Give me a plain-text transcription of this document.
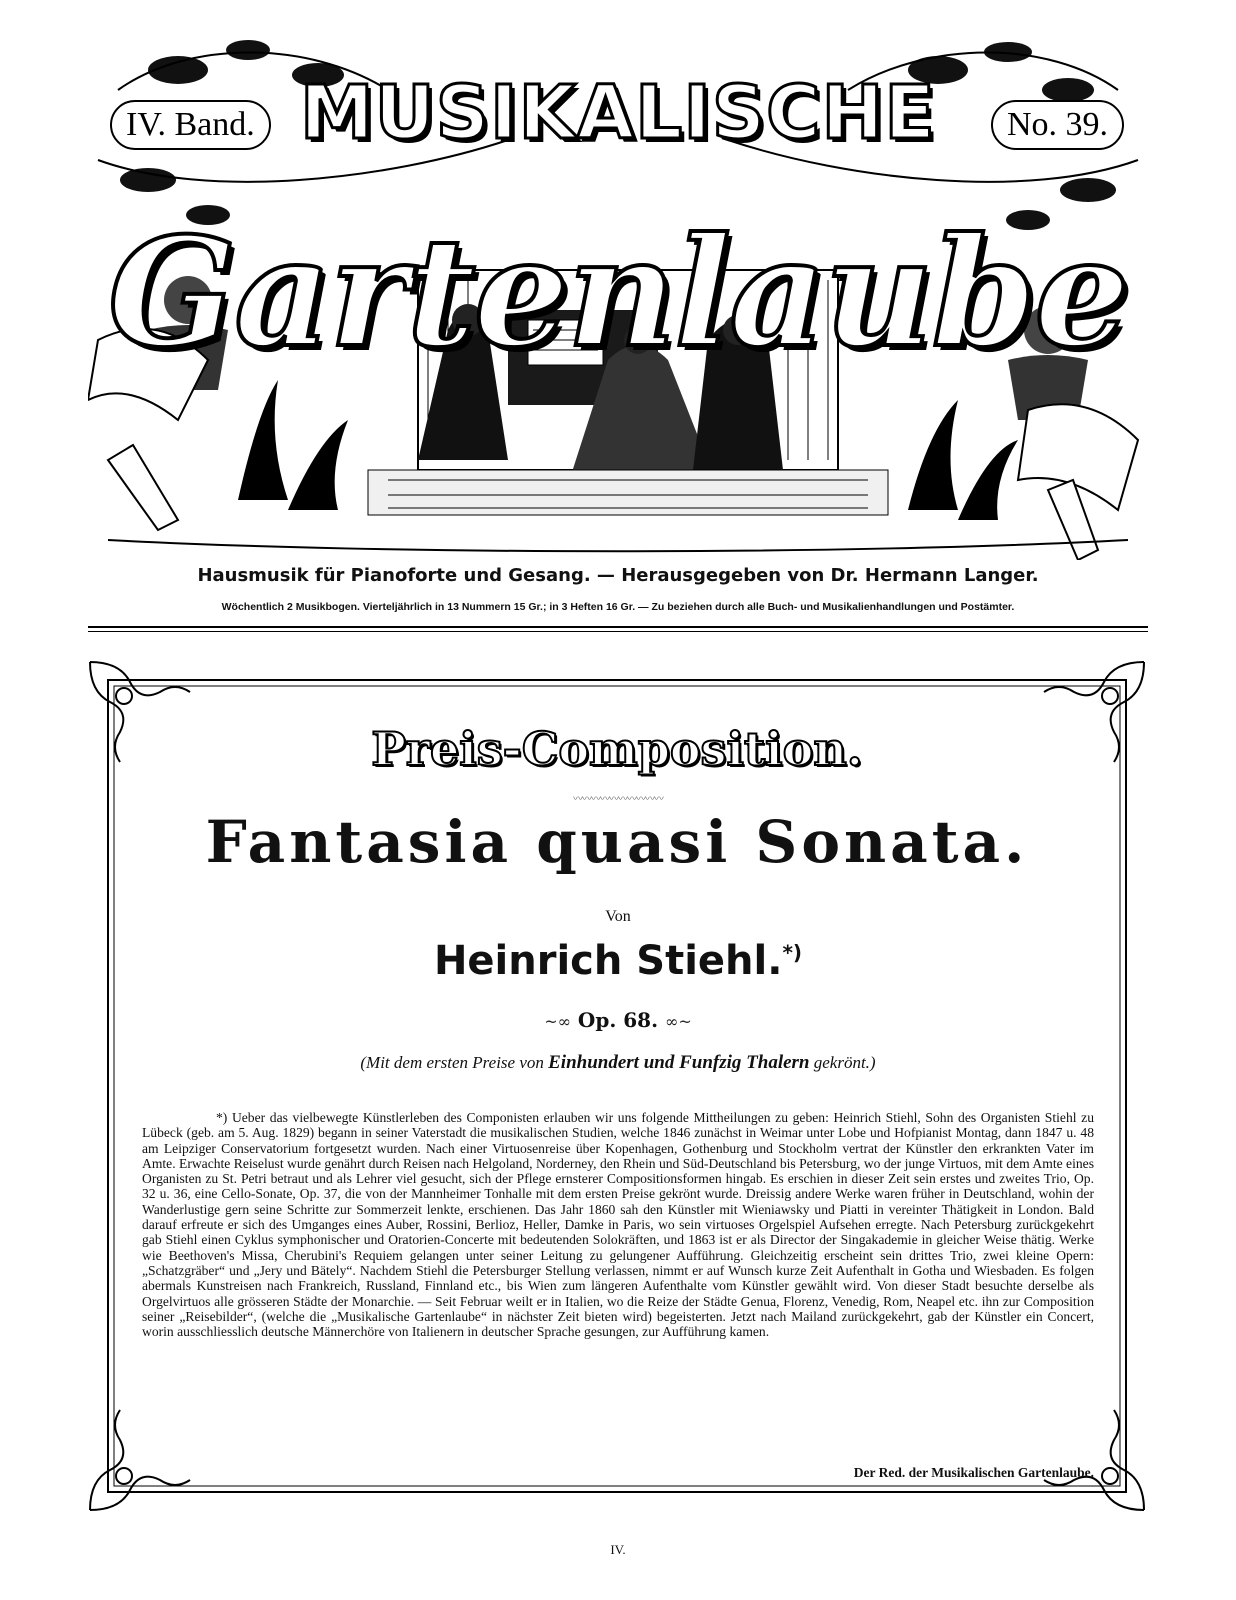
MUSIKALISCHE
Gartenlaube
IV. Band.	No. 39.
Hausmusik für Pianoforte und Gesang. — Herausgegeben von Dr. Hermann Langer.
Wöchentlich 2 Musikbogen. Vierteljährlich in 13 Nummern 15 Gr.; in 3 Heften 16 Gr. — Zu beziehen durch alle Buch- und Musikalienhandlungen und Postämter.
Preis-Composition.
〰〰〰〰〰〰〰〰〰〰
Fantasia quasi Sonata.
Von
Heinrich Stiehl.*)
~∞ Op. 68. ∞~
(Mit dem ersten Preise von Einhundert und Funfzig Thalern gekrönt.)

*) Ueber das vielbewegte Künstlerleben des Componisten erlauben wir uns folgende Mittheilungen zu geben: Heinrich Stiehl, Sohn des Organisten Stiehl zu Lübeck (geb. am 5. Aug. 1829) begann in seiner Vaterstadt die musikalischen Studien, welche 1846 zunächst in Weimar unter Lobe und Hofpianist Montag, dann 1847 u. 48 am Leipziger Conservatorium fortgesetzt wurden. Nach einer Virtuosenreise über Kopenhagen, Gothenburg und Stockholm vertrat der Künstler den erkrankten Vater im Amte. Erwachte Reiselust wurde genährt durch Reisen nach Helgoland, Norderney, den Rhein und Süd-Deutschland bis Petersburg, wo der junge Virtuos, mit dem Amte eines Organisten zu St. Petri betraut und als Lehrer viel gesucht, sich der Pflege ernsterer Compositionsformen hingab. Es erschien in dieser Zeit sein erstes und zweites Trio, Op. 32 u. 36, eine Cello-Sonate, Op. 37, die von der Mannheimer Tonhalle mit dem ersten Preise gekrönt wurde. Dreissig andere Werke waren früher in Deutschland, wohin der Wanderlustige gern seine Schritte zur Sommerzeit lenkte, erschienen. Das Jahr 1860 sah den Künstler mit Wieniawsky und Piatti in vereinter Thätigkeit in London. Bald darauf erfreute er sich des Umganges eines Auber, Rossini, Berlioz, Heller, Damke in Paris, wo sein virtuoses Orgelspiel Aufsehen erregte. Nach Petersburg zurückgekehrt gab Stiehl einen Cyklus symphonischer und Oratorien-Concerte mit bedeutenden Solokräften, und 1863 ist er als Director der Singakademie in gleicher Weise thätig. Werke wie Beethoven's Missa, Cherubini's Requiem gelangen unter seiner Leitung zu gelungener Aufführung. Gleichzeitig erscheint sein drittes Trio, zwei kleine Opern: „Schatzgräber“ und „Jery und Bätely“. Nachdem Stiehl die Petersburger Stellung verlassen, nimmt er auf Wunsch kurze Zeit Aufenthalt in Gotha und Wiesbaden. Es folgen abermals Kunstreisen nach Frankreich, Russland, Finnland etc., bis Wien zum längeren Aufenthalte vom Künstler gewählt wird. Von dieser Stadt besuchte derselbe als Orgelvirtuos alle grösseren Städte der Monarchie. — Seit Februar weilt er in Italien, wo die Reize der Städte Genua, Florenz, Venedig, Rom, Neapel etc. ihn zur Composition seiner „Reisebilder“, (welche die „Musikalische Gartenlaube“ in nächster Zeit bieten wird) begeisterten. Jetzt nach Mailand zurückgekehrt, gab der Künstler ein Concert, worin ausschliesslich deutsche Männerchöre von Italienern in deutscher Sprache gesungen, zur Aufführung kamen.

Der Red. der Musikalischen Gartenlaube.
IV.
